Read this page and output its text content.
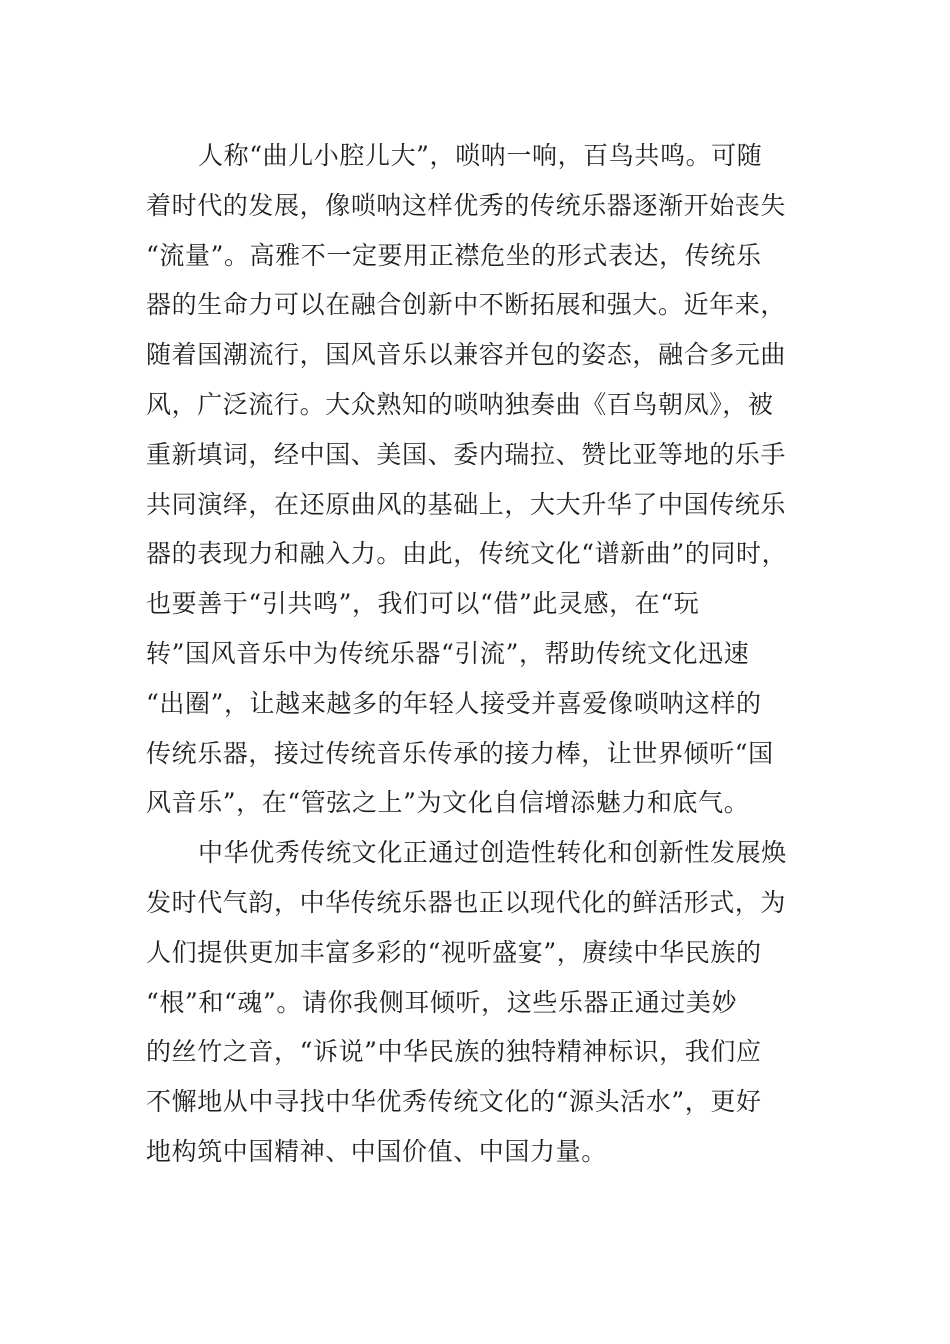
人称“曲儿小腔儿大”，唢呐一响，百鸟共鸣。可随
着时代的发展，像唢呐这样优秀的传统乐器逐渐开始丧失
“流量”。高雅不一定要用正襟危坐的形式表达，传统乐
器的生命力可以在融合创新中不断拓展和强大。近年来，
随着国潮流行，国风音乐以兼容并包的姿态，融合多元曲
风，广泛流行。大众熟知的唢呐独奏曲《百鸟朝凤》，被
重新填词，经中国、美国、委内瑞拉、赞比亚等地的乐手
共同演绎，在还原曲风的基础上，大大升华了中国传统乐
器的表现力和融入力。由此，传统文化“谱新曲”的同时，
也要善于“引共鸣”，我们可以“借”此灵感，在“玩
转”国风音乐中为传统乐器“引流”，帮助传统文化迅速
“出圈”，让越来越多的年轻人接受并喜爱像唢呐这样的
传统乐器，接过传统音乐传承的接力棒，让世界倾听“国
风音乐”，在“管弦之上”为文化自信增添魅力和底气。
中华优秀传统文化正通过创造性转化和创新性发展焕
发时代气韵，中华传统乐器也正以现代化的鲜活形式，为
人们提供更加丰富多彩的“视听盛宴”，赓续中华民族的
“根”和“魂”。请你我侧耳倾听，这些乐器正通过美妙
的丝竹之音，“诉说”中华民族的独特精神标识，我们应
不懈地从中寻找中华优秀传统文化的“源头活水”，更好
地构筑中国精神、中国价值、中国力量。
